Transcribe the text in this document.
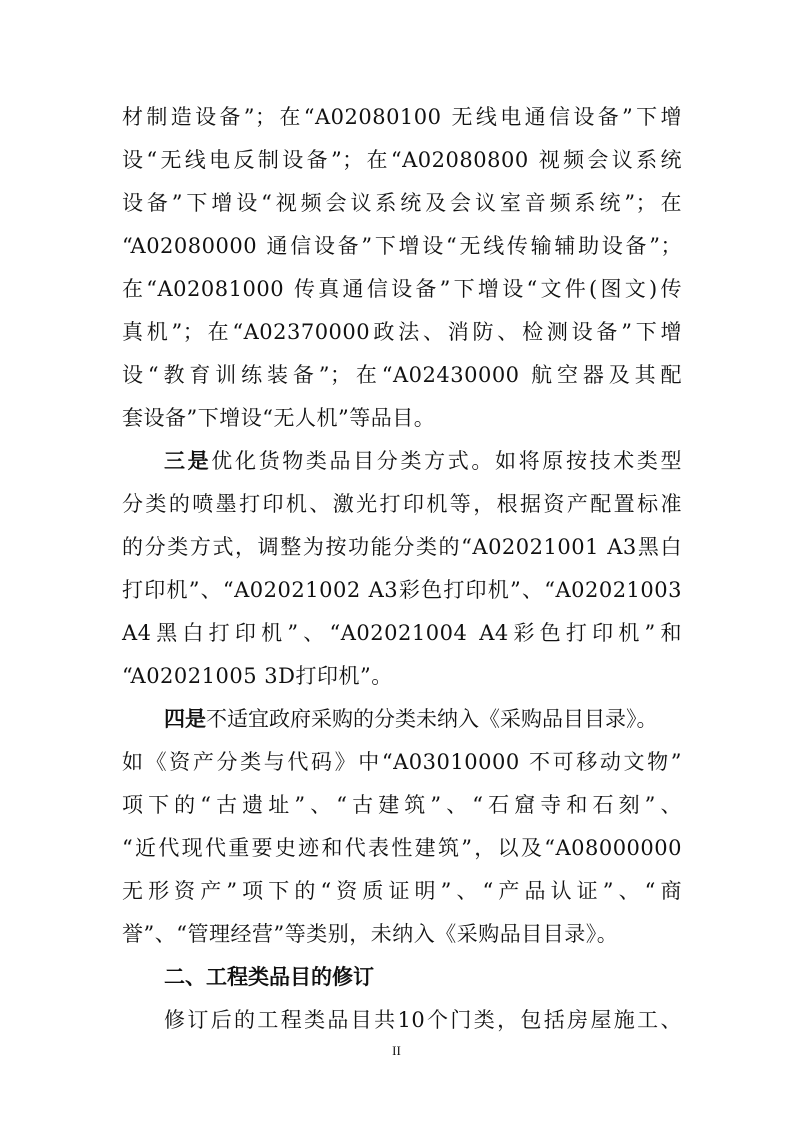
材制造设备”；在“A02080100 无线电通信设备”下增
设“无线电反制设备”；在“A02080800 视频会议系统
设备”下增设“视频会议系统及会议室音频系统”；在
“A02080000 通信设备”下增设“无线传输辅助设备”；
在“A02081000 传真通信设备”下增设“文件(图文)传
真机”；在“A02370000政法、消防、检测设备”下增
设“教育训练装备”；在“A02430000 航空器及其配
套设备”下增设“无人机”等品目。
三是优化货物类品目分类方式。如将原按技术类型
分类的喷墨打印机、激光打印机等，根据资产配置标准
的分类方式，调整为按功能分类的“A02021001 A3黑白
打印机”、“A02021002 A3彩色打印机”、“A02021003
A4黑白打印机”、“A02021004 A4彩色打印机”和
“A02021005 3D打印机”。
四是不适宜政府采购的分类未纳入《采购品目目录》。
如《资产分类与代码》中“A03010000 不可移动文物”
项下的“古遗址”、“古建筑”、“石窟寺和石刻”、
“近代现代重要史迹和代表性建筑”，以及“A08000000
无形资产”项下的“资质证明”、“产品认证”、“商
誉”、“管理经营”等类别，未纳入《采购品目目录》。
二、工程类品目的修订
修订后的工程类品目共10个门类，包括房屋施工、
II
